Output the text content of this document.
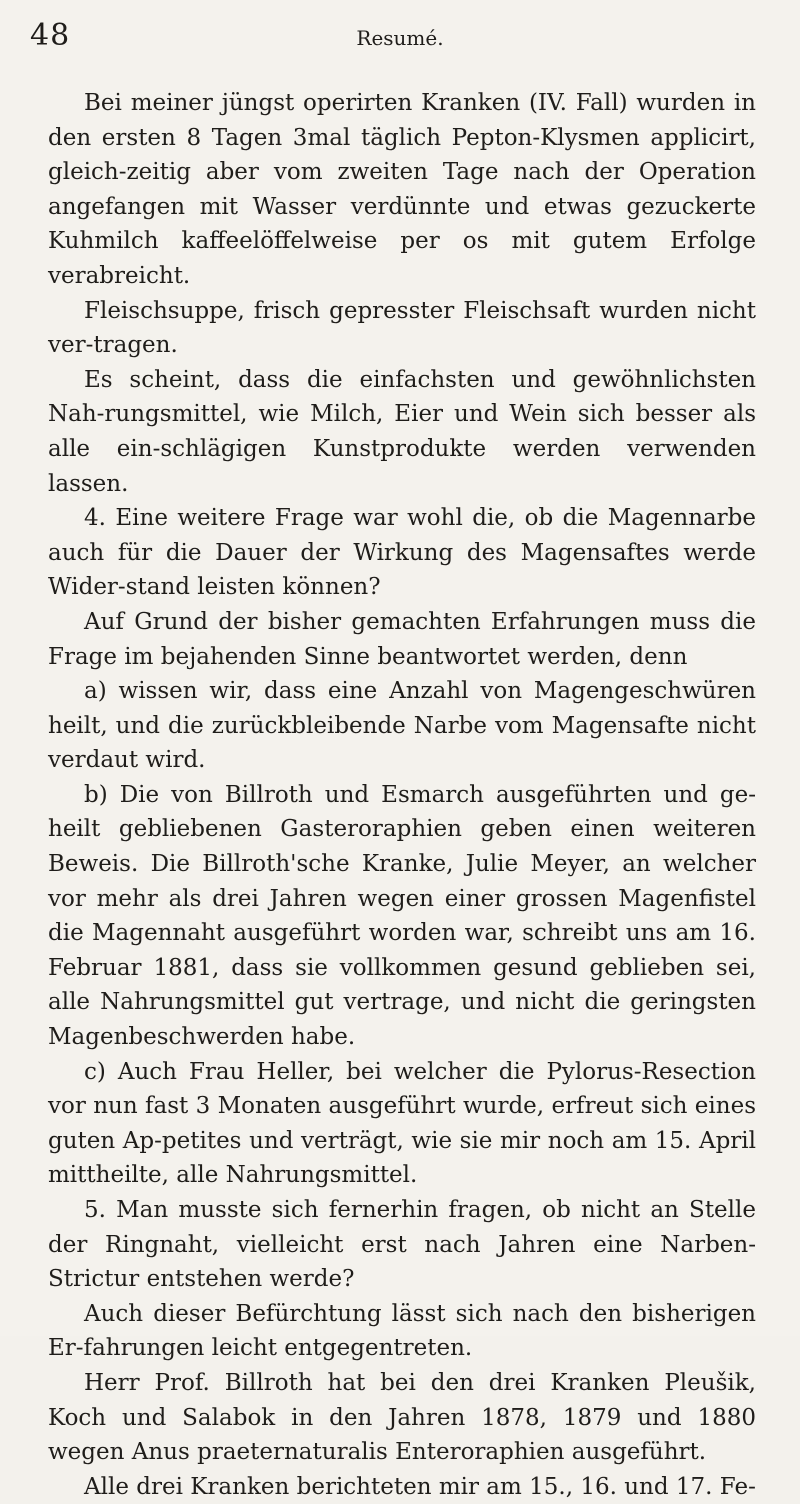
48	Resumé.

Bei meiner jüngst operirten Kranken (IV. Fall) wurden in den ersten 8 Tagen 3mal täglich Pepton-Klysmen applicirt, gleich-zeitig aber vom zweiten Tage nach der Operation angefangen mit Wasser verdünnte und etwas gezuckerte Kuhmilch kaffeelöffelweise per os mit gutem Erfolge verabreicht.

Fleischsuppe, frisch gepresster Fleischsaft wurden nicht ver-tragen.

Es scheint, dass die einfachsten und gewöhnlichsten Nah-rungsmittel, wie Milch, Eier und Wein sich besser als alle ein-schlägigen Kunstprodukte werden verwenden lassen.

4. Eine weitere Frage war wohl die, ob die Magennarbe auch für die Dauer der Wirkung des Magensaftes werde Wider-stand leisten können?

Auf Grund der bisher gemachten Erfahrungen muss die Frage im bejahenden Sinne beantwortet werden, denn

a) wissen wir, dass eine Anzahl von Magengeschwüren heilt, und die zurückbleibende Narbe vom Magensafte nicht verdaut wird.

b) Die von Billroth und Esmarch ausgeführten und ge-heilt gebliebenen Gasteroraphien geben einen weiteren Beweis. Die Billroth'sche Kranke, Julie Meyer, an welcher vor mehr als drei Jahren wegen einer grossen Magenfistel die Magennaht ausgeführt worden war, schreibt uns am 16. Februar 1881, dass sie vollkommen gesund geblieben sei, alle Nahrungsmittel gut vertrage, und nicht die geringsten Magenbeschwerden habe.

c) Auch Frau Heller, bei welcher die Pylorus-Resection vor nun fast 3 Monaten ausgeführt wurde, erfreut sich eines guten Ap-petites und verträgt, wie sie mir noch am 15. April mittheilte, alle Nahrungsmittel.

5. Man musste sich fernerhin fragen, ob nicht an Stelle der Ringnaht, vielleicht erst nach Jahren eine Narben-Strictur entstehen werde?

Auch dieser Befürchtung lässt sich nach den bisherigen Er-fahrungen leicht entgegentreten.

Herr Prof. Billroth hat bei den drei Kranken Pleušik, Koch und Salabok in den Jahren 1878, 1879 und 1880 wegen Anus praeternaturalis Enteroraphien ausgeführt.

Alle drei Kranken berichteten mir am 15., 16. und 17. Fe-
